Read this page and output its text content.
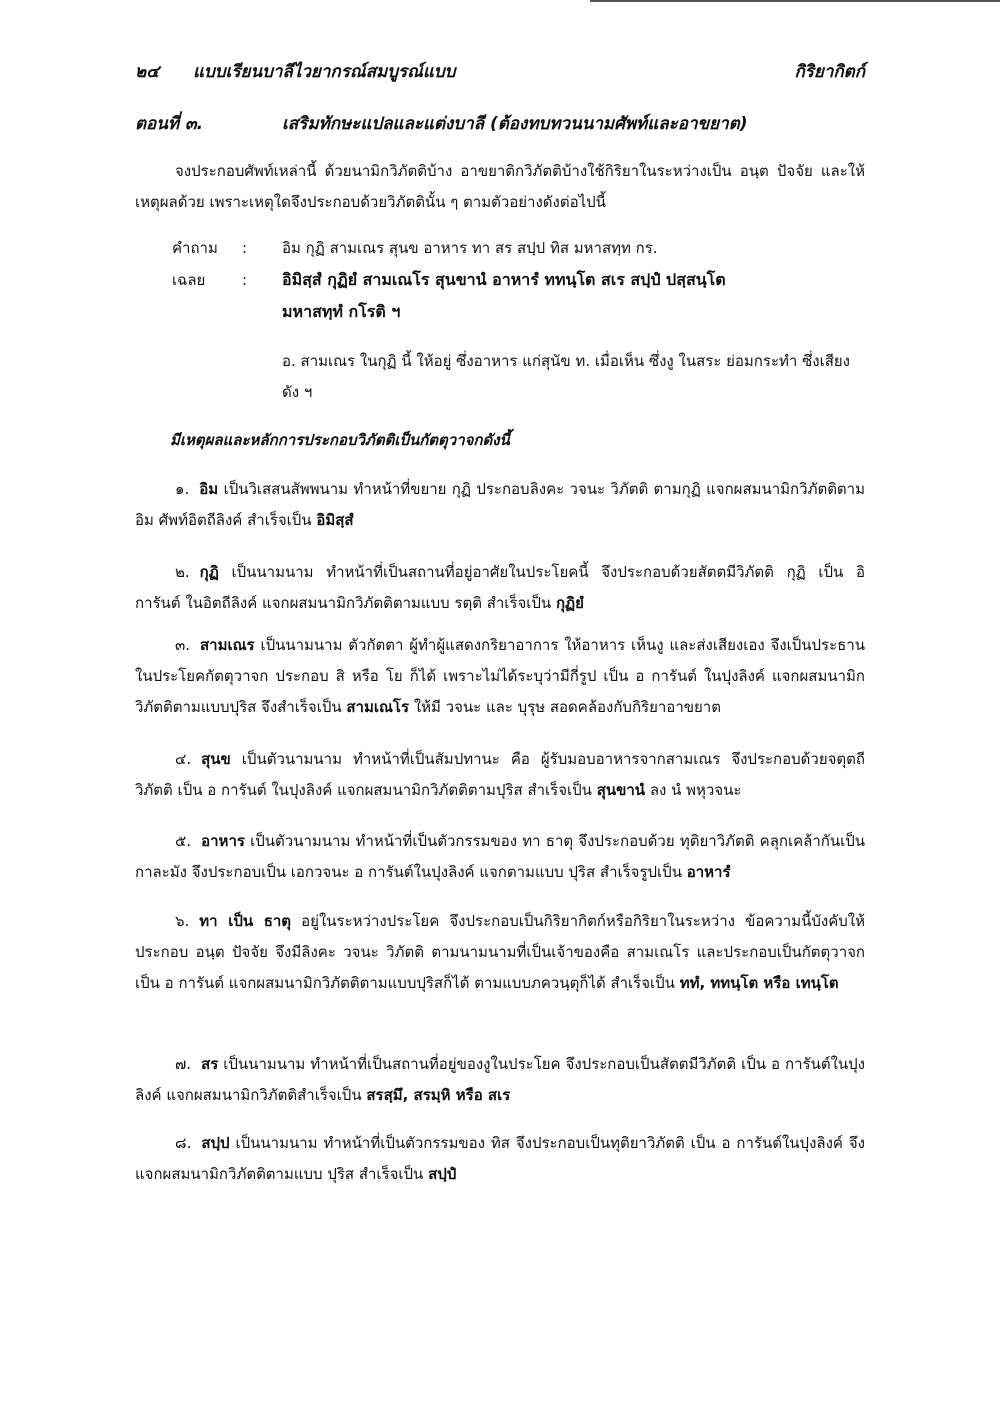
๒๔ แบบเรียนบาลีไวยากรณ์สมบูรณ์แบบ	กิริยากิตก์
ตอนที่ ๓.	เสริมทักษะแปลและแต่งบาลี (ต้องทบทวนนามศัพท์และอาขยาต)
จงประกอบศัพท์เหล่านี้ ด้วยนามิกวิภัตติบ้าง อาขยาติกวิภัตติบ้างใช้กิริยาในระหว่างเป็น อนฺต ปัจจัย และให้เหตุผลด้วย เพราะเหตุใดจึงประกอบด้วยวิภัตตินั้น ๆ ตามตัวอย่างดังต่อไปนี้
คำถาม	: อิม กุฏิ สามเณร สุนข อาหาร ทา สร สปฺป ทิส มหาสทฺท กร.
เฉลย	: อิมิสฺสํ กุฏิยํ สามเณโร สุนขานํ อาหารํ ททนฺโต สเร สปฺปํ ปสฺสนฺโต
มหาสทฺทํ กโรติ ฯ
อ. สามเณร ในกุฏิ นี้ ให้อยู่ ซึ่งอาหาร แก่สุนัข ท. เมื่อเห็น ซึ่งงู ในสระ ย่อมกระทำ ซึ่งเสียงดัง ฯ
มีเหตุผลและหลักการประกอบวิภัตติเป็นกัตตุวาจกดังนี้
๑. อิม เป็นวิเสสนสัพพนาม ทำหน้าที่ขยาย กุฏิ ประกอบลิงคะ วจนะ วิภัตติ ตามกุฏิ แจกผสมนามิกวิภัตติตาม อิม ศัพท์อิตถีลิงค์ สำเร็จเป็น อิมิสฺสํ
๒. กุฏิ เป็นนามนาม ทำหน้าที่เป็นสถานที่อยู่อาศัยในประโยคนี้ จึงประกอบด้วยสัตตมีวิภัตติ กุฏิ เป็น อิ การันต์ ในอิตถีลิงค์ แจกผสมนามิกวิภัตติตามแบบ รตฺติ สำเร็จเป็น กุฏิยํ
๓. สามเณร เป็นนามนาม ตัวกัตตา ผู้ทำผู้แสดงกริยาอาการ ให้อาหาร เห็นงู และส่งเสียงเอง จึงเป็นประธานในประโยคกัตตุวาจก ประกอบ สิ หรือ โย ก็ได้ เพราะไม่ได้ระบุว่ามีกี่รูป เป็น อ การันต์ ในปุงลิงค์ แจกผสมนามิกวิภัตติตามแบบปุริส จึงสำเร็จเป็น สามเณโร ให้มี วจนะ และ บุรุษ สอดคล้องกับกิริยาอาขยาต
๔. สุนข เป็นตัวนามนาม ทำหน้าที่เป็นสัมปทานะ คือ ผู้รับมอบอาหารจากสามเณร จึงประกอบด้วยจตุตถีวิภัตติ เป็น อ การันต์ ในปุงลิงค์ แจกผสมนามิกวิภัตติตามปุริส สำเร็จเป็น สุนขานํ ลง นํ พหุวจนะ
๕. อาหาร เป็นตัวนามนาม ทำหน้าที่เป็นตัวกรรมของ ทา ธาตุ จึงประกอบด้วย ทุติยาวิภัตติ คลุกเคล้ากันเป็นกาละมัง จึงประกอบเป็น เอกวจนะ อ การันต์ในปุงลิงค์ แจกตามแบบ ปุริส สำเร็จรูปเป็น อาหารํ
๖. ทา เป็น ธาตุ อยู่ในระหว่างประโยค จึงประกอบเป็นกิริยากิตก์หรือกิริยาในระหว่าง ข้อความนี้บังคับให้ประกอบ อนฺต ปัจจัย จึงมีลิงคะ วจนะ วิภัตติ ตามนามนามที่เป็นเจ้าของคือ สามเณโร และประกอบเป็นกัตตุวาจก เป็น อ การันต์ แจกผสมนามิกวิภัตติตามแบบปุริสก็ได้ ตามแบบภควนฺตุก็ได้ สำเร็จเป็น ททํ, ททนฺโต หรือ เทนฺโต
๗. สร เป็นนามนาม ทำหน้าที่เป็นสถานที่อยู่ของงูในประโยค จึงประกอบเป็นสัตตมีวิภัตติ เป็น อ การันต์ในปุงลิงค์ แจกผสมนามิกวิภัตติสำเร็จเป็น สรสฺมึ, สรมฺหิ หรือ สเร
๘. สปฺป เป็นนามนาม ทำหน้าที่เป็นตัวกรรมของ ทิส จึงประกอบเป็นทุติยาวิภัตติ เป็น อ การันต์ในปุงลิงค์ จึงแจกผสมนามิกวิภัตติตามแบบ ปุริส สำเร็จเป็น สปฺปํ
